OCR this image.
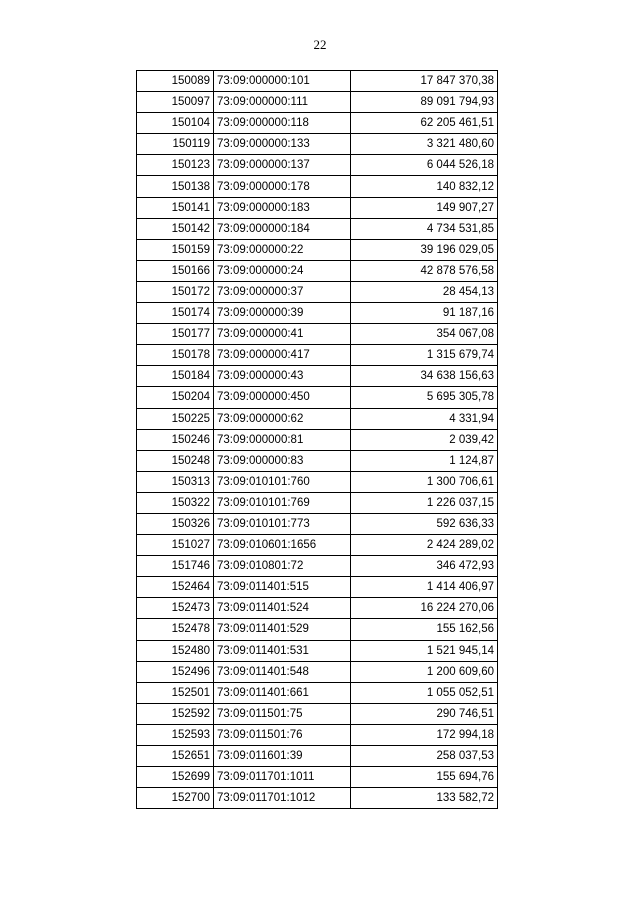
22
150089	73:09:000000:101	17 847 370,38
150097	73:09:000000:111	89 091 794,93
150104	73:09:000000:118	62 205 461,51
150119	73:09:000000:133	3 321 480,60
150123	73:09:000000:137	6 044 526,18
150138	73:09:000000:178	140 832,12
150141	73:09:000000:183	149 907,27
150142	73:09:000000:184	4 734 531,85
150159	73:09:000000:22	39 196 029,05
150166	73:09:000000:24	42 878 576,58
150172	73:09:000000:37	28 454,13
150174	73:09:000000:39	91 187,16
150177	73:09:000000:41	354 067,08
150178	73:09:000000:417	1 315 679,74
150184	73:09:000000:43	34 638 156,63
150204	73:09:000000:450	5 695 305,78
150225	73:09:000000:62	4 331,94
150246	73:09:000000:81	2 039,42
150248	73:09:000000:83	1 124,87
150313	73:09:010101:760	1 300 706,61
150322	73:09:010101:769	1 226 037,15
150326	73:09:010101:773	592 636,33
151027	73:09:010601:1656	2 424 289,02
151746	73:09:010801:72	346 472,93
152464	73:09:011401:515	1 414 406,97
152473	73:09:011401:524	16 224 270,06
152478	73:09:011401:529	155 162,56
152480	73:09:011401:531	1 521 945,14
152496	73:09:011401:548	1 200 609,60
152501	73:09:011401:661	1 055 052,51
152592	73:09:011501:75	290 746,51
152593	73:09:011501:76	172 994,18
152651	73:09:011601:39	258 037,53
152699	73:09:011701:1011	155 694,76
152700	73:09:011701:1012	133 582,72
